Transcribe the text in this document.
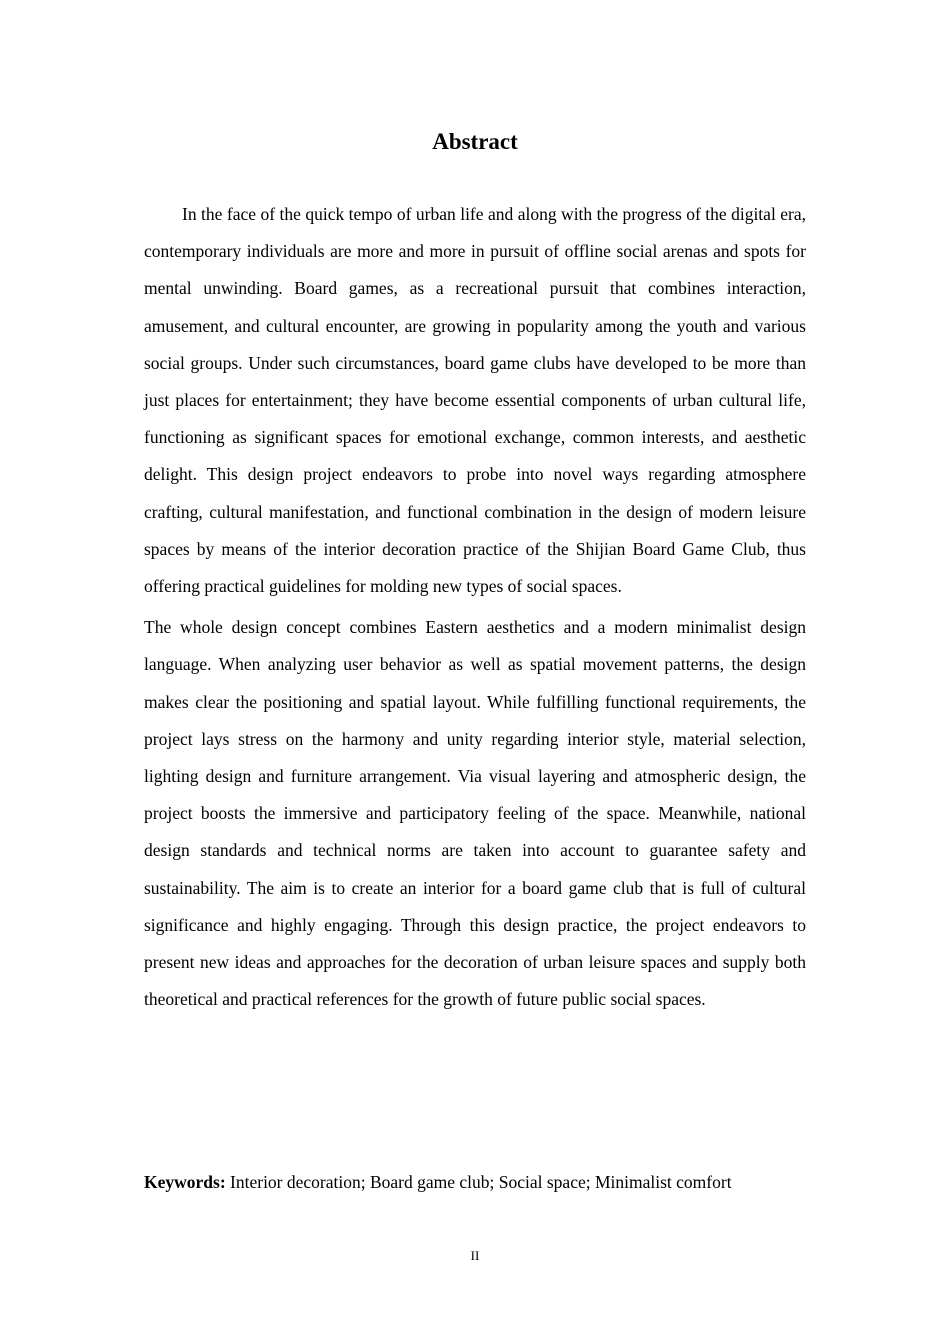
Abstract

In the face of the quick tempo of urban life and along with the progress of the digital era, contemporary individuals are more and more in pursuit of offline social arenas and spots for mental unwinding. Board games, as a recreational pursuit that combines interaction, amusement, and cultural encounter, are growing in popularity among the youth and various social groups. Under such circumstances, board game clubs have developed to be more than just places for entertainment; they have become essential components of urban cultural life, functioning as significant spaces for emotional exchange, common interests, and aesthetic delight. This design project endeavors to probe into novel ways regarding atmosphere crafting, cultural manifestation, and functional combination in the design of modern leisure spaces by means of the interior decoration practice of the Shijian Board Game Club, thus offering practical guidelines for molding new types of social spaces.

The whole design concept combines Eastern aesthetics and a modern minimalist design language. When analyzing user behavior as well as spatial movement patterns, the design makes clear the positioning and spatial layout. While fulfilling functional requirements, the project lays stress on the harmony and unity regarding interior style, material selection, lighting design and furniture arrangement. Via visual layering and atmospheric design, the project boosts the immersive and participatory feeling of the space. Meanwhile, national design standards and technical norms are taken into account to guarantee safety and sustainability. The aim is to create an interior for a board game club that is full of cultural significance and highly engaging. Through this design practice, the project endeavors to present new ideas and approaches for the decoration of urban leisure spaces and supply both theoretical and practical references for the growth of future public social spaces.

Keywords: Interior decoration; Board game club; Social space; Minimalist comfort

II
